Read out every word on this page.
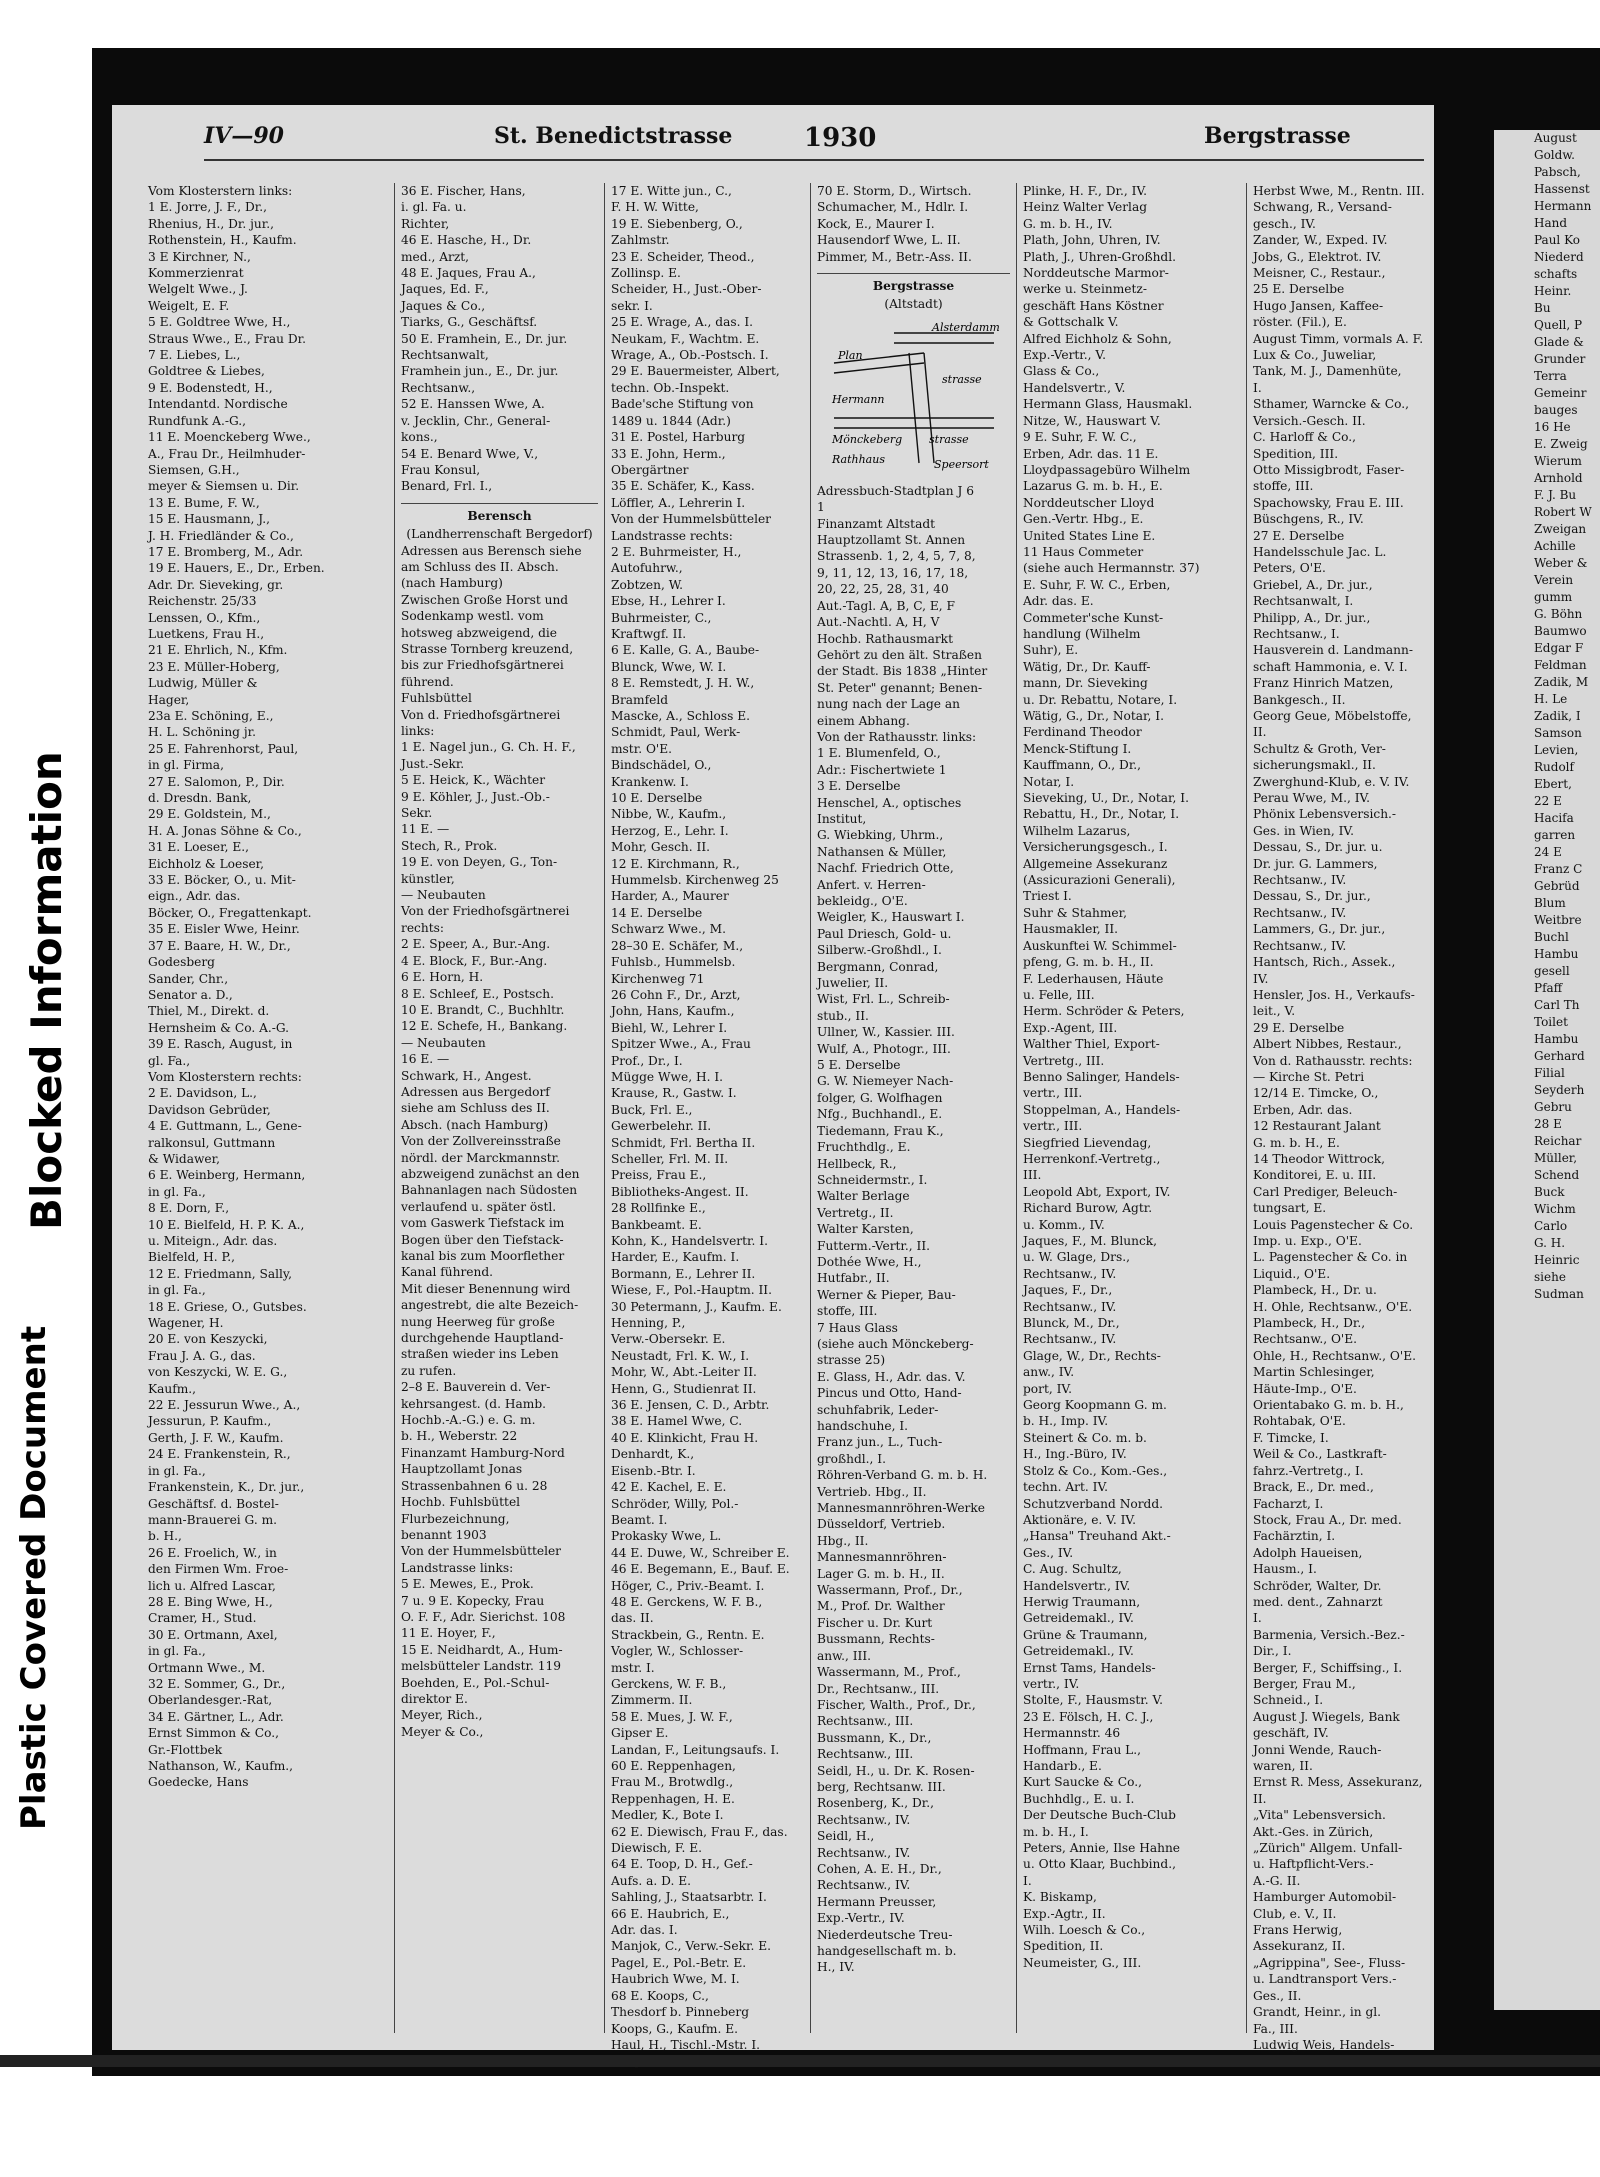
Blocked Information
Plastic Covered Document
IV—90	St. Benedictstrasse	1930	Bergstrasse
Vom Klosterstern links:
1 E. Jorre, J. F., Dr.,
Rhenius, H., Dr. jur.,
Rothenstein, H., Kaufm.
3 E Kirchner, N.,
Kommerzienrat
Welgelt Wwe., J.
Weigelt, E. F.
5 E. Goldtree Wwe, H.,
Straus Wwe., E., Frau Dr.
7 E. Liebes, L.,
Goldtree & Liebes,
9 E. Bodenstedt, H.,
Intendantd. Nordische
Rundfunk A.-G.,
11 E. Moenckeberg Wwe.,
A., Frau Dr., Heilmhuder-
Siemsen, G.H.,
meyer & Siemsen u. Dir.
13 E. Bume, F. W.,
15 E. Hausmann, J.,
J. H. Friedländer & Co.,
17 E. Bromberg, M., Adr.
19 E. Hauers, E., Dr., Erben.
Adr. Dr. Sieveking, gr.
Reichenstr. 25/33
Lenssen, O., Kfm.,
Luetkens, Frau H.,
21 E. Ehrlich, N., Kfm.
23 E. Müller-Hoberg,
Ludwig, Müller &
Hager,
23a E. Schöning, E.,
H. L. Schöning jr.
25 E. Fahrenhorst, Paul,
in gl. Firma,
27 E. Salomon, P., Dir.
d. Dresdn. Bank,
29 E. Goldstein, M.,
H. A. Jonas Söhne & Co.,
31 E. Loeser, E.,
Eichholz & Loeser,
33 E. Böcker, O., u. Mit-
eign., Adr. das.
Böcker, O., Fregattenkapt.
35 E. Eisler Wwe, Heinr.
37 E. Baare, H. W., Dr.,
Godesberg
Sander, Chr.,
Senator a. D.,
Thiel, M., Direkt. d.
Hernsheim & Co. A.-G.
39 E. Rasch, August, in
gl. Fa.,
Vom Klosterstern rechts:
2 E. Davidson, L.,
Davidson Gebrüder,
4 E. Guttmann, L., Gene-
ralkonsul, Guttmann
& Widawer,
6 E. Weinberg, Hermann,
in gl. Fa.,
8 E. Dorn, F.,
10 E. Bielfeld, H. P. K. A.,
u. Miteign., Adr. das.
Bielfeld, H. P.,
12 E. Friedmann, Sally,
in gl. Fa.,
18 E. Griese, O., Gutsbes.
Wagener, H.
20 E. von Keszycki,
Frau J. A. G., das.
von Keszycki, W. E. G.,
Kaufm.,
22 E. Jessurun Wwe., A.,
Jessurun, P. Kaufm.,
Gerth, J. F. W., Kaufm.
24 E. Frankenstein, R.,
in gl. Fa.,
Frankenstein, K., Dr. jur.,
Geschäftsf. d. Bostel-
mann-Brauerei G. m.
b. H.,
26 E. Froelich, W., in
den Firmen Wm. Froe-
lich u. Alfred Lascar,
28 E. Bing Wwe, H.,
Cramer, H., Stud.
30 E. Ortmann, Axel,
in gl. Fa.,
Ortmann Wwe., M.
32 E. Sommer, G., Dr.,
Oberlandesger.-Rat,
34 E. Gärtner, L., Adr.
Ernst Simmon & Co.,
Gr.-Flottbek
Nathanson, W., Kaufm.,
Goedecke, Hans
36 E. Fischer, Hans,
i. gl. Fa. u.
Richter,
46 E. Hasche, H., Dr.
med., Arzt,
48 E. Jaques, Frau A.,
Jaques, Ed. F.,
Jaques & Co.,
Tiarks, G., Geschäftsf.
50 E. Framhein, E., Dr. jur.
Rechtsanwalt,
Framhein jun., E., Dr. jur.
Rechtsanw.,
52 E. Hanssen Wwe, A.
v. Jecklin, Chr., General-
kons.,
54 E. Benard Wwe, V.,
Frau Konsul,
Benard, Frl. I.,
Berensch
(Landherrenschaft Bergedorf)
Adressen aus Berensch siehe
am Schluss des II. Absch.
(nach Hamburg)
Zwischen Große Horst und
Sodenkamp westl. vom
hotsweg abzweigend, die
Strasse Tornberg kreuzend,
bis zur Friedhofsgärtnerei
führend.
Fuhlsbüttel
Von d. Friedhofsgärtnerei
links:
1 E. Nagel jun., G. Ch. H. F.,
Just.-Sekr.
5 E. Heick, K., Wächter
9 E. Köhler, J., Just.-Ob.-
Sekr.
11 E. —
Stech, R., Prok.
19 E. von Deyen, G., Ton-
künstler,
— Neubauten
Von der Friedhofsgärtnerei
rechts:
2 E. Speer, A., Bur.-Ang.
4 E. Block, F., Bur.-Ang.
6 E. Horn, H.
8 E. Schleef, E., Postsch.
10 E. Brandt, C., Buchhltr.
12 E. Schefe, H., Bankang.
— Neubauten
16 E. —
Schwark, H., Angest.
Adressen aus Bergedorf
siehe am Schluss des II.
Absch. (nach Hamburg)
Von der Zollvereinsstraße
nördl. der Marckmannstr.
abzweigend zunächst an den
Bahnanlagen nach Südosten
verlaufend u. später östl.
vom Gaswerk Tiefstack im
Bogen über den Tiefstack-
kanal bis zum Moorflether
Kanal führend.
Mit dieser Benennung wird
angestrebt, die alte Bezeich-
nung Heerweg für große
durchgehende Hauptland-
straßen wieder ins Leben
zu rufen.
2–8 E. Bauverein d. Ver-
kehrsangest. (d. Hamb.
Hochb.-A.-G.) e. G. m.
b. H., Weberstr. 22
Finanzamt Hamburg-Nord
Hauptzollamt Jonas
Strassenbahnen 6 u. 28
Hochb. Fuhlsbüttel
Flurbezeichnung,
benannt 1903
Von der Hummelsbütteler
Landstrasse links:
5 E. Mewes, E., Prok.
7 u. 9 E. Kopecky, Frau
O. F. F., Adr. Sierichst. 108
11 E. Hoyer, F.,
15 E. Neidhardt, A., Hum-
melsbütteler Landstr. 119
Boehden, E., Pol.-Schul-
direktor E.
Meyer, Rich.,
Meyer & Co.,
17 E. Witte jun., C.,
F. H. W. Witte,
19 E. Siebenberg, O.,
Zahlmstr.
23 E. Scheider, Theod.,
Zollinsp. E.
Scheider, H., Just.-Ober-
sekr. I.
25 E. Wrage, A., das. I.
Neukam, F., Wachtm. E.
Wrage, A., Ob.-Postsch. I.
29 E. Bauermeister, Albert,
techn. Ob.-Inspekt.
Bade'sche Stiftung von
1489 u. 1844 (Adr.)
31 E. Postel, Harburg
33 E. John, Herm.,
Obergärtner
35 E. Schäfer, K., Kass.
Löffler, A., Lehrerin I.
Von der Hummelsbütteler
Landstrasse rechts:
2 E. Buhrmeister, H.,
Autofuhrw.,
Zobtzen, W.
Ebse, H., Lehrer I.
Buhrmeister, C.,
Kraftwgf. II.
6 E. Kalle, G. A., Baube-
Blunck, Wwe, W. I.
8 E. Remstedt, J. H. W.,
Bramfeld
Mascke, A., Schloss E.
Schmidt, Paul, Werk-
mstr. O'E.
Bindschädel, O.,
Krankenw. I.
10 E. Derselbe
Nibbe, W., Kaufm.,
Herzog, E., Lehr. I.
Mohr, Gesch. II.
12 E. Kirchmann, R.,
Hummelsb. Kirchenweg 25
Harder, A., Maurer
14 E. Derselbe
Schwarz Wwe., M.
28–30 E. Schäfer, M.,
Fuhlsb., Hummelsb.
Kirchenweg 71
26 Cohn F., Dr., Arzt,
John, Hans, Kaufm.,
Biehl, W., Lehrer I.
Spitzer Wwe., A., Frau
Prof., Dr., I.
Mügge Wwe, H. I.
Krause, R., Gastw. I.
Buck, Frl. E.,
Gewerbelehr. II.
Schmidt, Frl. Bertha II.
Scheller, Frl. M. II.
Preiss, Frau E.,
Bibliotheks-Angest. II.
28 Rollfinke E.,
Bankbeamt. E.
Kohn, K., Handelsvertr. I.
Harder, E., Kaufm. I.
Bormann, E., Lehrer II.
Wiese, F., Pol.-Hauptm. II.
30 Petermann, J., Kaufm. E.
Henning, P.,
Verw.-Obersekr. E.
Neustadt, Frl. K. W., I.
Mohr, W., Abt.-Leiter II.
Henn, G., Studienrat II.
36 E. Jensen, C. D., Arbtr.
38 E. Hamel Wwe, C.
40 E. Klinkicht, Frau H.
Denhardt, K.,
Eisenb.-Btr. I.
42 E. Kachel, E. E.
Schröder, Willy, Pol.-
Beamt. I.
Prokasky Wwe, L.
44 E. Duwe, W., Schreiber E.
46 E. Begemann, E., Bauf. E.
Höger, C., Priv.-Beamt. I.
48 E. Gerckens, W. F. B.,
das. II.
Strackbein, G., Rentn. E.
Vogler, W., Schlosser-
mstr. I.
Gerckens, W. F. B.,
Zimmerm. II.
58 E. Mues, J. W. F.,
Gipser E.
Landan, F., Leitungsaufs. I.
60 E. Reppenhagen,
Frau M., Brotwdlg.,
Reppenhagen, H. E.
Medler, K., Bote I.
62 E. Diewisch, Frau F., das.
Diewisch, F. E.
64 E. Toop, D. H., Gef.-
Aufs. a. D. E.
Sahling, J., Staatsarbtr. I.
66 E. Haubrich, E.,
Adr. das. I.
Manjok, C., Verw.-Sekr. E.
Pagel, E., Pol.-Betr. E.
Haubrich Wwe, M. I.
68 E. Koops, C.,
Thesdorf b. Pinneberg
Koops, G., Kaufm. E.
Haul, H., Tischl.-Mstr. I.
70 E. Storm, D., Wirtsch.
Schumacher, M., Hdlr. I.
Kock, E., Maurer I.
Hausendorf Wwe, L. II.
Pimmer, M., Betr.-Ass. II.
Bergstrasse
(Altstadt)
Plan
Alsterdamm
Hermann
strasse
Mönckeberg strasse
Rathhaus	Speersort
Adressbuch-Stadtplan J 6
1
Finanzamt Altstadt
Hauptzollamt St. Annen
Strassenb. 1, 2, 4, 5, 7, 8,
9, 11, 12, 13, 16, 17, 18,
20, 22, 25, 28, 31, 40
Aut.-Tagl. A, B, C, E, F
Aut.-Nachtl. A, H, V
Hochb. Rathausmarkt
Gehört zu den ält. Straßen
der Stadt. Bis 1838 „Hinter
St. Peter" genannt; Benen-
nung nach der Lage an
einem Abhang.
Von der Rathausstr. links:
1 E. Blumenfeld, O.,
Adr.: Fischertwiete 1
3 E. Derselbe
Henschel, A., optisches
Institut,
G. Wiebking, Uhrm.,
Nathansen & Müller,
Nachf. Friedrich Otte,
Anfert. v. Herren-
bekleidg., O'E.
Weigler, K., Hauswart I.
Paul Driesch, Gold- u.
Silberw.-Großhdl., I.
Bergmann, Conrad,
Juwelier, II.
Wist, Frl. L., Schreib-
stub., II.
Ullner, W., Kassier. III.
Wulf, A., Photogr., III.
5 E. Derselbe
G. W. Niemeyer Nach-
folger, G. Wolfhagen
Nfg., Buchhandl., E.
Tiedemann, Frau K.,
Fruchthdlg., E.
Hellbeck, R.,
Schneidermstr., I.
Walter Berlage
Vertretg., II.
Walter Karsten,
Futterm.-Vertr., II.
Dothée Wwe, H.,
Hutfabr., II.
Werner & Pieper, Bau-
stoffe, III.
7 Haus Glass
(siehe auch Mönckeberg-
strasse 25)
E. Glass, H., Adr. das. V.
Pincus und Otto, Hand-
schuhfabrik, Leder-
handschuhe, I.
Franz jun., L., Tuch-
großhdl., I.
Röhren-Verband G. m. b. H.
Vertrieb. Hbg., II.
Mannesmannröhren-Werke
Düsseldorf, Vertrieb.
Hbg., II.
Mannesmannröhren-
Lager G. m. b. H., II.
Wassermann, Prof., Dr.,
M., Prof. Dr. Walther
Fischer u. Dr. Kurt
Bussmann, Rechts-
anw., III.
Wassermann, M., Prof.,
Dr., Rechtsanw., III.
Fischer, Walth., Prof., Dr.,
Rechtsanw., III.
Bussmann, K., Dr.,
Rechtsanw., III.
Seidl, H., u. Dr. K. Rosen-
berg, Rechtsanw. III.
Rosenberg, K., Dr.,
Rechtsanw., IV.
Seidl, H.,
Rechtsanw., IV.
Cohen, A. E. H., Dr.,
Rechtsanw., IV.
Hermann Preusser,
Exp.-Vertr., IV.
Niederdeutsche Treu-
handgesellschaft m. b.
H., IV.
Plinke, H. F., Dr., IV.
Heinz Walter Verlag
G. m. b. H., IV.
Plath, John, Uhren, IV.
Plath, J., Uhren-Großhdl.
Norddeutsche Marmor-
werke u. Steinmetz-
geschäft Hans Köstner
& Gottschalk V.
Alfred Eichholz & Sohn,
Exp.-Vertr., V.
Glass & Co.,
Handelsvertr., V.
Hermann Glass, Hausmakl.
Nitze, W., Hauswart V.
9 E. Suhr, F. W. C.,
Erben, Adr. das. 11 E.
Lloydpassagebüro Wilhelm
Lazarus G. m. b. H., E.
Norddeutscher Lloyd
Gen.-Vertr. Hbg., E.
United States Line E.
11 Haus Commeter
(siehe auch Hermannstr. 37)
E. Suhr, F. W. C., Erben,
Adr. das. E.
Commeter'sche Kunst-
handlung (Wilhelm
Suhr), E.
Wätig, Dr., Dr. Kauff-
mann, Dr. Sieveking
u. Dr. Rebattu, Notare, I.
Wätig, G., Dr., Notar, I.
Ferdinand Theodor
Menck-Stiftung I.
Kauffmann, O., Dr.,
Notar, I.
Sieveking, U., Dr., Notar, I.
Rebattu, H., Dr., Notar, I.
Wilhelm Lazarus,
Versicherungsgesch., I.
Allgemeine Assekuranz
(Assicurazioni Generali),
Triest I.
Suhr & Stahmer,
Hausmakler, II.
Auskunftei W. Schimmel-
pfeng, G. m. b. H., II.
F. Lederhausen, Häute
u. Felle, III.
Herm. Schröder & Peters,
Exp.-Agent, III.
Walther Thiel, Export-
Vertretg., III.
Benno Salinger, Handels-
vertr., III.
Stoppelman, A., Handels-
vertr., III.
Siegfried Lievendag,
Herrenkonf.-Vertretg.,
III.
Leopold Abt, Export, IV.
Richard Burow, Agtr.
u. Komm., IV.
Jaques, F., M. Blunck,
u. W. Glage, Drs.,
Rechtsanw., IV.
Jaques, F., Dr.,
Rechtsanw., IV.
Blunck, M., Dr.,
Rechtsanw., IV.
Glage, W., Dr., Rechts-
anw., IV.
port, IV.
Georg Koopmann G. m.
b. H., Imp. IV.
Steinert & Co. m. b.
H., Ing.-Büro, IV.
Stolz & Co., Kom.-Ges.,
techn. Art. IV.
Schutzverband Nordd.
Aktionäre, e. V. IV.
„Hansa" Treuhand Akt.-
Ges., IV.
C. Aug. Schultz,
Handelsvertr., IV.
Herwig Traumann,
Getreidemakl., IV.
Grüne & Traumann,
Getreidemakl., IV.
Ernst Tams, Handels-
vertr., IV.
Stolte, F., Hausmstr. V.
23 E. Fölsch, H. C. J.,
Hermannstr. 46
Hoffmann, Frau L.,
Handarb., E.
Kurt Saucke & Co.,
Buchhdlg., E. u. I.
Der Deutsche Buch-Club
m. b. H., I.
Peters, Annie, Ilse Hahne
u. Otto Klaar, Buchbind.,
I.
K. Biskamp,
Exp.-Agtr., II.
Wilh. Loesch & Co.,
Spedition, II.
Neumeister, G., III.
Herbst Wwe, M., Rentn. III.
Schwang, R., Versand-
gesch., IV.
Zander, W., Exped. IV.
Jobs, G., Elektrot. IV.
Meisner, C., Restaur.,
25 E. Derselbe
Hugo Jansen, Kaffee-
röster. (Fil.), E.
August Timm, vormals A. F.
Lux & Co., Juweliar,
Tank, M. J., Damenhüte,
I.
Sthamer, Warncke & Co.,
Versich.-Gesch. II.
C. Harloff & Co.,
Spedition, III.
Otto Missigbrodt, Faser-
stoffe, III.
Spachowsky, Frau E. III.
Büschgens, R., IV.
27 E. Derselbe
Handelsschule Jac. L.
Peters, O'E.
Griebel, A., Dr. jur.,
Rechtsanwalt, I.
Philipp, A., Dr. jur.,
Rechtsanw., I.
Hausverein d. Landmann-
schaft Hammonia, e. V. I.
Franz Hinrich Matzen,
Bankgesch., II.
Georg Geue, Möbelstoffe,
II.
Schultz & Groth, Ver-
sicherungsmakl., II.
Zwerghund-Klub, e. V. IV.
Perau Wwe, M., IV.
Phönix Lebensversich.-
Ges. in Wien, IV.
Dessau, S., Dr. jur. u.
Dr. jur. G. Lammers,
Rechtsanw., IV.
Dessau, S., Dr. jur.,
Rechtsanw., IV.
Lammers, G., Dr. jur.,
Rechtsanw., IV.
Hantsch, Rich., Assek.,
IV.
Hensler, Jos. H., Verkaufs-
leit., V.
29 E. Derselbe
Albert Nibbes, Restaur.,
Von d. Rathausstr. rechts:
— Kirche St. Petri
12/14 E. Timcke, O.,
Erben, Adr. das.
12 Restaurant Jalant
G. m. b. H., E.
14 Theodor Wittrock,
Konditorei, E. u. III.
Carl Prediger, Beleuch-
tungsart, E.
Louis Pagenstecher & Co.
Imp. u. Exp., O'E.
L. Pagenstecher & Co. in
Liquid., O'E.
Plambeck, H., Dr. u.
H. Ohle, Rechtsanw., O'E.
Plambeck, H., Dr.,
Rechtsanw., O'E.
Ohle, H., Rechtsanw., O'E.
Martin Schlesinger,
Häute-Imp., O'E.
Orientabako G. m. b. H.,
Rohtabak, O'E.
F. Timcke, I.
Weil & Co., Lastkraft-
fahrz.-Vertretg., I.
Brack, E., Dr. med.,
Facharzt, I.
Stock, Frau A., Dr. med.
Fachärztin, I.
Adolph Haueisen,
Hausm., I.
Schröder, Walter, Dr.
med. dent., Zahnarzt
I.
Barmenia, Versich.-Bez.-
Dir., I.
Berger, F., Schiffsing., I.
Berger, Frau M.,
Schneid., I.
August J. Wiegels, Bank
geschäft, IV.
Jonni Wende, Rauch-
waren, II.
Ernst R. Mess, Assekuranz,
II.
„Vita" Lebensversich.
Akt.-Ges. in Zürich,
„Zürich" Allgem. Unfall-
u. Haftpflicht-Vers.-
A.-G. II.
Hamburger Automobil-
Club, e. V., II.
Frans Herwig,
Assekuranz, II.
„Agrippina", See-, Fluss-
u. Landtransport Vers.-
Ges., II.
Grandt, Heinr., in gl.
Fa., III.
Ludwig Weis, Handels-
August
Goldw.
Pabsch,
Hassenst
Hermann
Hand
Paul Ko
Niederd
schafts
Heinr.
Bu
Quell, P
Glade &
Grunder
Terra
Gemeinr
bauges
16 He
E. Zweig
Wierum
Arnhold
F. J. Bu
Robert W
Zweigan
Achille
Weber &
Verein
gumm
G. Böhn
Baumwo
Edgar F
Feldman
Zadik, M
H. Le
Zadik, I
Samson
Levien,
Rudolf
Ebert,
22 E
Hacifa
garren
24 E
Franz C
Gebrüd
Blum
Weitbre
Buchl
Hambu
gesell
Pfaff
Carl Th
Toilet
Hambu
Gerhard
Filial
Seyderh
Gebru
28 E
Reichar
Müller,
Schend
Buck
Wichm
Carlo
G. H.
Heinric
siehe
Sudman
